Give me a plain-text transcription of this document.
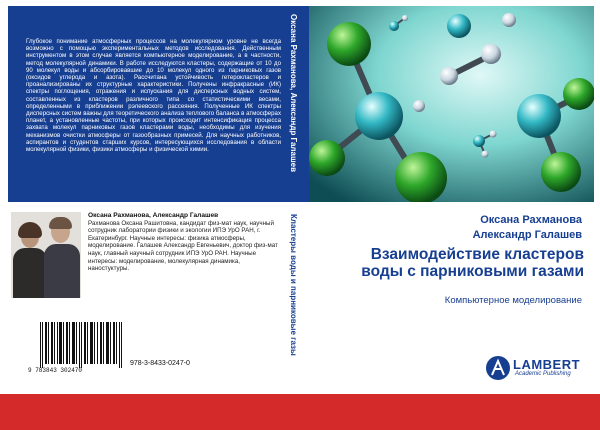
Глубокое понимание атмосферных процессов на молекулярном уровне не всегда возможно с помощью экспериментальных методов исследования. Действенным инструментом в этом случае является компьютерное моделирование, а в частности, метод молекулярной динамики. В работе исследуются кластеры, содержащие от 10 до 90 молекул воды и абсорбировавшие до 10 молекул одного из парниковых газов (оксидов углерода и азота). Рассчитана устойчивость гетерокластеров и проанализированы их структурные характеристики. Получены инфракрасные (ИК) спектры поглощения, отражения и испускания для дисперсных водных систем, составленных из кластеров различного типа со статистическими весами, определенными в приближении рэлеевского рассеяния. Полученные ИК спектры дисперсных систем важны для теоретического анализа теплового баланса в атмосферах планет, а установленные частоты, при которых происходит интенсификация процесса захвата молекул парниковых газов кластерами воды, необходимы для изучения механизмов очистки атмосферы от газообразных примесей. Для научных работников, аспирантов и студентов старших курсов, интересующихся исследования в области молекулярной физики, физики атмосферы и физической химии.
Оксана Рахманова, Александр Галашев
Рахманова Оксана Рашитовна, кандидат физ-мат наук, научный сотрудник лаборатории физики и экологии ИПЭ УрО РАН, г. Екатеринбург. Научные интересы: физика атмосферы, моделирование. Галашев Александр Евгеньевич, доктор физ-мат наук, главный научный сотрудник ИПЭ УрО РАН. Научные интересы: моделирование, молекулярная динамика, наностуктуры.
9 783843 302470
978-3-8433-0247-0
Оксана Рахманова, Александр Галашев
Кластеры воды и парниковые газы	Оксана Рахманова
Александр Галашев
Взаимодействие кластеров воды с парниковыми газами
Компьютерное моделирование
LAMBERT
Academic Publishing
